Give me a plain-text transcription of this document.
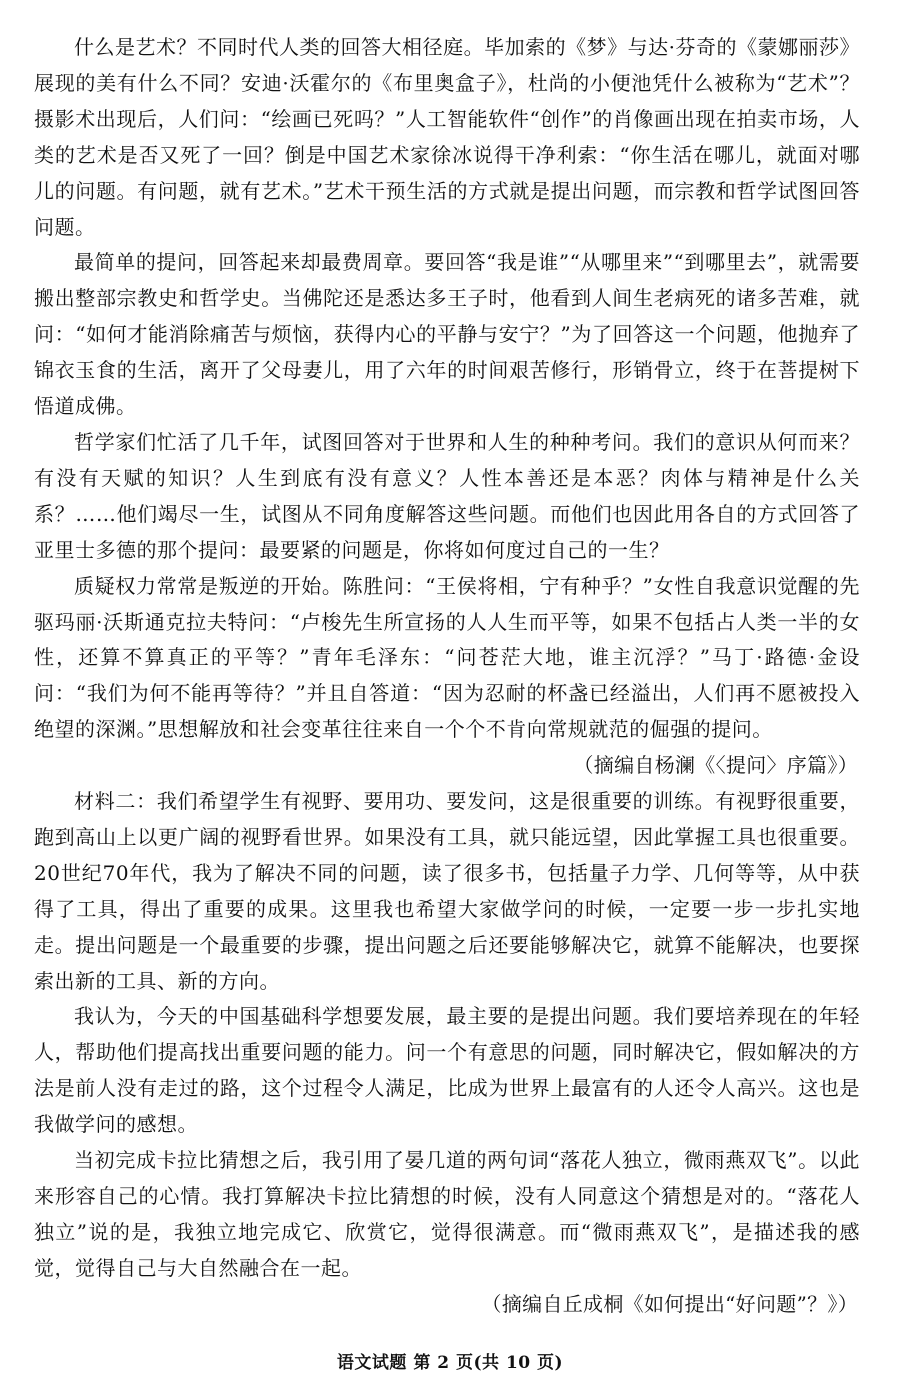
什么是艺术？不同时代人类的回答大相径庭。毕加索的《梦》与达·芬奇的《蒙娜丽莎》展现的美有什么不同？安迪·沃霍尔的《布里奥盒子》，杜尚的小便池凭什么被称为“艺术”？摄影术出现后，人们问：“绘画已死吗？”人工智能软件“创作”的肖像画出现在拍卖市场，人类的艺术是否又死了一回？倒是中国艺术家徐冰说得干净利索：“你生活在哪儿，就面对哪儿的问题。有问题，就有艺术。”艺术干预生活的方式就是提出问题，而宗教和哲学试图回答问题。

最简单的提问，回答起来却最费周章。要回答“我是谁”“从哪里来”“到哪里去”，就需要搬出整部宗教史和哲学史。当佛陀还是悉达多王子时，他看到人间生老病死的诸多苦难，就问：“如何才能消除痛苦与烦恼，获得内心的平静与安宁？”为了回答这一个问题，他抛弃了锦衣玉食的生活，离开了父母妻儿，用了六年的时间艰苦修行，形销骨立，终于在菩提树下悟道成佛。

哲学家们忙活了几千年，试图回答对于世界和人生的种种考问。我们的意识从何而来？有没有天赋的知识？人生到底有没有意义？人性本善还是本恶？肉体与精神是什么关系？……他们竭尽一生，试图从不同角度解答这些问题。而他们也因此用各自的方式回答了亚里士多德的那个提问：最要紧的问题是，你将如何度过自己的一生？

质疑权力常常是叛逆的开始。陈胜问：“王侯将相，宁有种乎？”女性自我意识觉醒的先驱玛丽·沃斯通克拉夫特问：“卢梭先生所宣扬的人人生而平等，如果不包括占人类一半的女性，还算不算真正的平等？”青年毛泽东：“问苍茫大地，谁主沉浮？”马丁·路德·金设问：“我们为何不能再等待？”并且自答道：“因为忍耐的杯盏已经溢出，人们再不愿被投入绝望的深渊。”思想解放和社会变革往往来自一个个不肯向常规就范的倔强的提问。

（摘编自杨澜《〈提问〉序篇》）

材料二：我们希望学生有视野、要用功、要发问，这是很重要的训练。有视野很重要，跑到高山上以更广阔的视野看世界。如果没有工具，就只能远望，因此掌握工具也很重要。20世纪70年代，我为了解决不同的问题，读了很多书，包括量子力学、几何等等，从中获得了工具，得出了重要的成果。这里我也希望大家做学问的时候，一定要一步一步扎实地走。提出问题是一个最重要的步骤，提出问题之后还要能够解决它，就算不能解决，也要探索出新的工具、新的方向。

我认为，今天的中国基础科学想要发展，最主要的是提出问题。我们要培养现在的年轻人，帮助他们提高找出重要问题的能力。问一个有意思的问题，同时解决它，假如解决的方法是前人没有走过的路，这个过程令人满足，比成为世界上最富有的人还令人高兴。这也是我做学问的感想。

当初完成卡拉比猜想之后，我引用了晏几道的两句词“落花人独立，微雨燕双飞”。以此来形容自己的心情。我打算解决卡拉比猜想的时候，没有人同意这个猜想是对的。“落花人独立”说的是，我独立地完成它、欣赏它，觉得很满意。而“微雨燕双飞”，是描述我的感觉，觉得自己与大自然融合在一起。

（摘编自丘成桐《如何提出“好问题”？》）

语文试题 第 2 页(共 10 页)
